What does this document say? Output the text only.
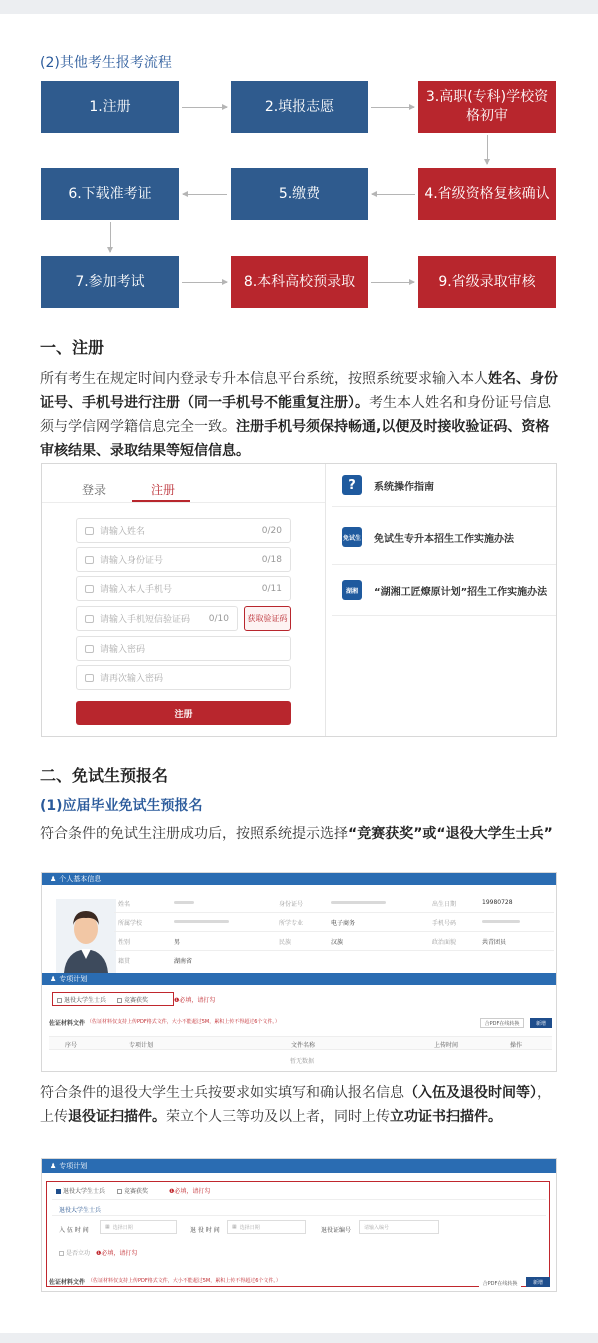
(2)其他考生报考流程
1.注册	2.填报志愿
3.高职(专科)学校资格初审
4.省级资格复核确认
5.缴费
6.下载准考证
7.参加考试	8.本科高校预录取	9.省级录取审核
一、注册
所有考生在规定时间内登录专升本信息平台系统，按照系统要求输入本人姓名、身份证号、手机号进行注册（同一手机号不能重复注册）。考生本人姓名和身份证号信息须与学信网学籍信息完全一致。注册手机号须保持畅通,以便及时接收验证码、资格审核结果、录取结果等短信信息。
登录	注册
请输入姓名	0/20
请输入身份证号	0/18
请输入本人手机号	0/11
请输入手机短信验证码 0/10	获取验证码
请输入密码
请再次输入密码
注册
?	系统操作指南
免试生 免试生专升本招生工作实施办法
湖湘	“湖湘工匠燎原计划”招生工作实施办法
二、免试生预报名
(1)应届毕业免试生预报名
符合条件的免试生注册成功后，按照系统提示选择“竞赛获奖”或“退役大学生士兵”
♟ 个人基本信息
姓名	身份证号	出生日期	19980728
所属学校	所学专业	电子商务	手机号码
性别	男	民族	汉族	政治面貌	共青团员
籍贯	湖南省
♟ 专项计划
退役大学生士兵	竞赛获奖	❶必填，请打勾
佐证材料文件 （佐证材料仅支持上传PDF格式文件，大小不能超过5M，累积上传不得超过6个文件。）	合PDF在线转换	新增
序号	专项计划	文件名称	上传时间	操作
暂无数据
符合条件的退役大学生士兵按要求如实填写和确认报名信息（入伍及退役时间等），上传退役证扫描件。荣立个人三等功及以上者，同时上传立功证书扫描件。
♟ 专项计划
退役大学生士兵	竞赛获奖	❶必填，请打勾
退役大学生士兵
入 伍 时 间	▦ 选择日期	退 役 时 间 ▦ 选择日期	退役证编号	请输入编号
是否立功 ❶必填，请打勾
佐证材料文件 （佐证材料仅支持上传PDF格式文件，大小不能超过5M，累积上传不得超过6个文件。）	合PDF在线转换	新增
